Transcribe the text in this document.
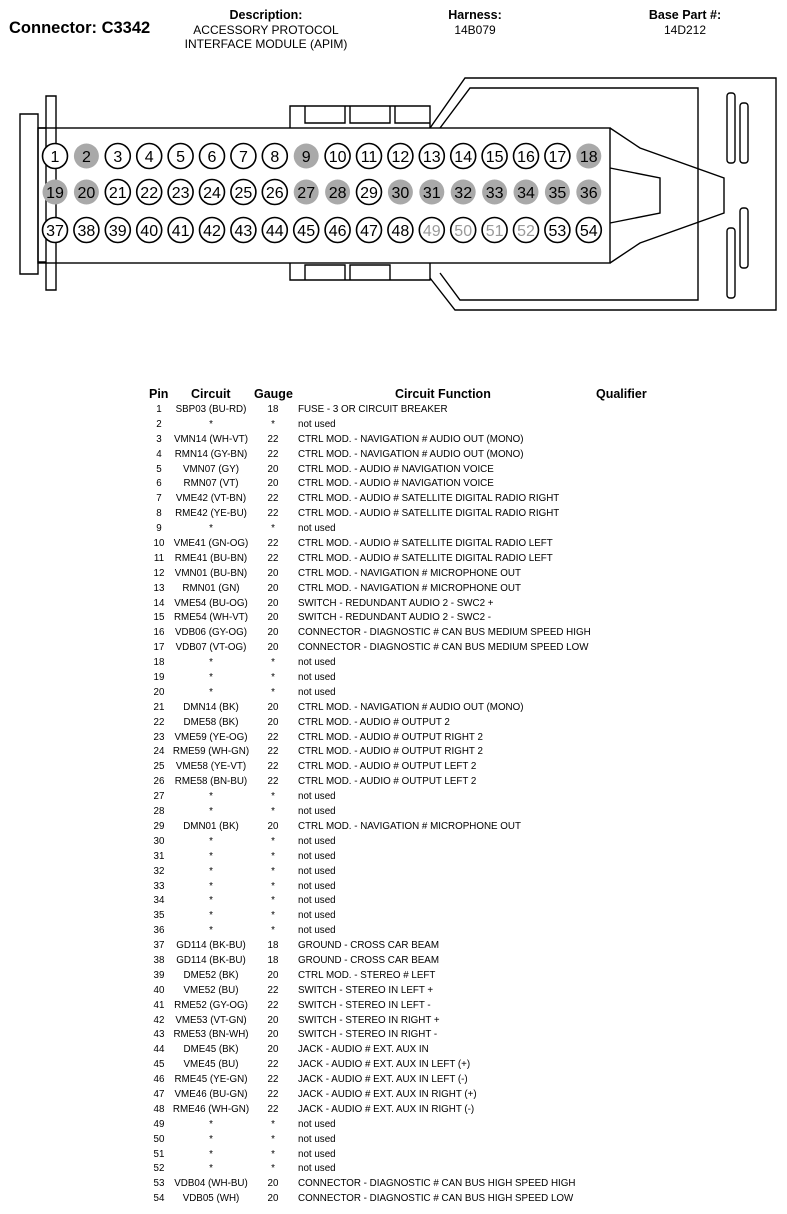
Connector: C3342
Description:
ACCESSORY PROTOCOL
INTERFACE MODULE (APIM)
Harness:
14B079
Base Part #:
14D212
1 2 3 4 5 6 7 8 9 10 11 12 13 14 15 16 17 18
19 20 21 22 23 24 25 26 27 28 29 30 31 32 33 34 35 36
37 38 39 40 41 42 43 44 45 46 47 48 49 50 51 52 53 54
Pin Circuit Gauge	Circuit Function	Qualifier
1	SBP03 (BU-RD)	18	FUSE - 3 OR CIRCUIT BREAKER
2	*	*	not used
3	VMN14 (WH-VT)	22	CTRL MOD. - NAVIGATION # AUDIO OUT (MONO)
4	RMN14 (GY-BN)	22	CTRL MOD. - NAVIGATION # AUDIO OUT (MONO)
5	VMN07 (GY)	20	CTRL MOD. - AUDIO # NAVIGATION VOICE
6	RMN07 (VT)	20	CTRL MOD. - AUDIO # NAVIGATION VOICE
7	VME42 (VT-BN)	22	CTRL MOD. - AUDIO # SATELLITE DIGITAL RADIO RIGHT
8	RME42 (YE-BU)	22	CTRL MOD. - AUDIO # SATELLITE DIGITAL RADIO RIGHT
9	*	*	not used
10 VME41 (GN-OG)	22	CTRL MOD. - AUDIO # SATELLITE DIGITAL RADIO LEFT
11	RME41 (BU-BN)	22	CTRL MOD. - AUDIO # SATELLITE DIGITAL RADIO LEFT
12	VMN01 (BU-BN)	20	CTRL MOD. - NAVIGATION # MICROPHONE OUT
13	RMN01 (GN)	20	CTRL MOD. - NAVIGATION # MICROPHONE OUT
14 VME54 (BU-OG)	20	SWITCH - REDUNDANT AUDIO 2 - SWC2 +
15 RME54 (WH-VT)	20	SWITCH - REDUNDANT AUDIO 2 - SWC2 -
16	VDB06 (GY-OG)	20	CONNECTOR - DIAGNOSTIC # CAN BUS MEDIUM SPEED HIGH
17	VDB07 (VT-OG)	20	CONNECTOR - DIAGNOSTIC # CAN BUS MEDIUM SPEED LOW
18	*	*	not used
19	*	*	not used
20	*	*	not used
21	DMN14 (BK)	20	CTRL MOD. - NAVIGATION # AUDIO OUT (MONO)
22	DME58 (BK)	20	CTRL MOD. - AUDIO # OUTPUT 2
23	VME59 (YE-OG)	22	CTRL MOD. - AUDIO # OUTPUT RIGHT 2
24 RME59 (WH-GN)	22	CTRL MOD. - AUDIO # OUTPUT RIGHT 2
25	VME58 (YE-VT)	22	CTRL MOD. - AUDIO # OUTPUT LEFT 2
26	RME58 (BN-BU)	22	CTRL MOD. - AUDIO # OUTPUT LEFT 2
27	*	*	not used
28	*	*	not used
29	DMN01 (BK)	20	CTRL MOD. - NAVIGATION # MICROPHONE OUT
30	*	*	not used
31	*	*	not used
32	*	*	not used
33	*	*	not used
34	*	*	not used
35	*	*	not used
36	*	*	not used
37	GD114 (BK-BU)	18	GROUND - CROSS CAR BEAM
38	GD114 (BK-BU)	18	GROUND - CROSS CAR BEAM
39	DME52 (BK)	20	CTRL MOD. - STEREO # LEFT
40	VME52 (BU)	22	SWITCH - STEREO IN LEFT +
41 RME52 (GY-OG)	22	SWITCH - STEREO IN LEFT -
42	VME53 (VT-GN)	20	SWITCH - STEREO IN RIGHT +
43 RME53 (BN-WH)	20	SWITCH - STEREO IN RIGHT -
44	DME45 (BK)	20	JACK - AUDIO # EXT. AUX IN
45	VME45 (BU)	22	JACK - AUDIO # EXT. AUX IN LEFT (+)
46	RME45 (YE-GN)	22	JACK - AUDIO # EXT. AUX IN LEFT (-)
47	VME46 (BU-GN)	22	JACK - AUDIO # EXT. AUX IN RIGHT (+)
48 RME46 (WH-GN)	22	JACK - AUDIO # EXT. AUX IN RIGHT (-)
49	*	*	not used
50	*	*	not used
51	*	*	not used
52	*	*	not used
53 VDB04 (WH-BU)	20	CONNECTOR - DIAGNOSTIC # CAN BUS HIGH SPEED HIGH
54	VDB05 (WH)	20	CONNECTOR - DIAGNOSTIC # CAN BUS HIGH SPEED LOW
